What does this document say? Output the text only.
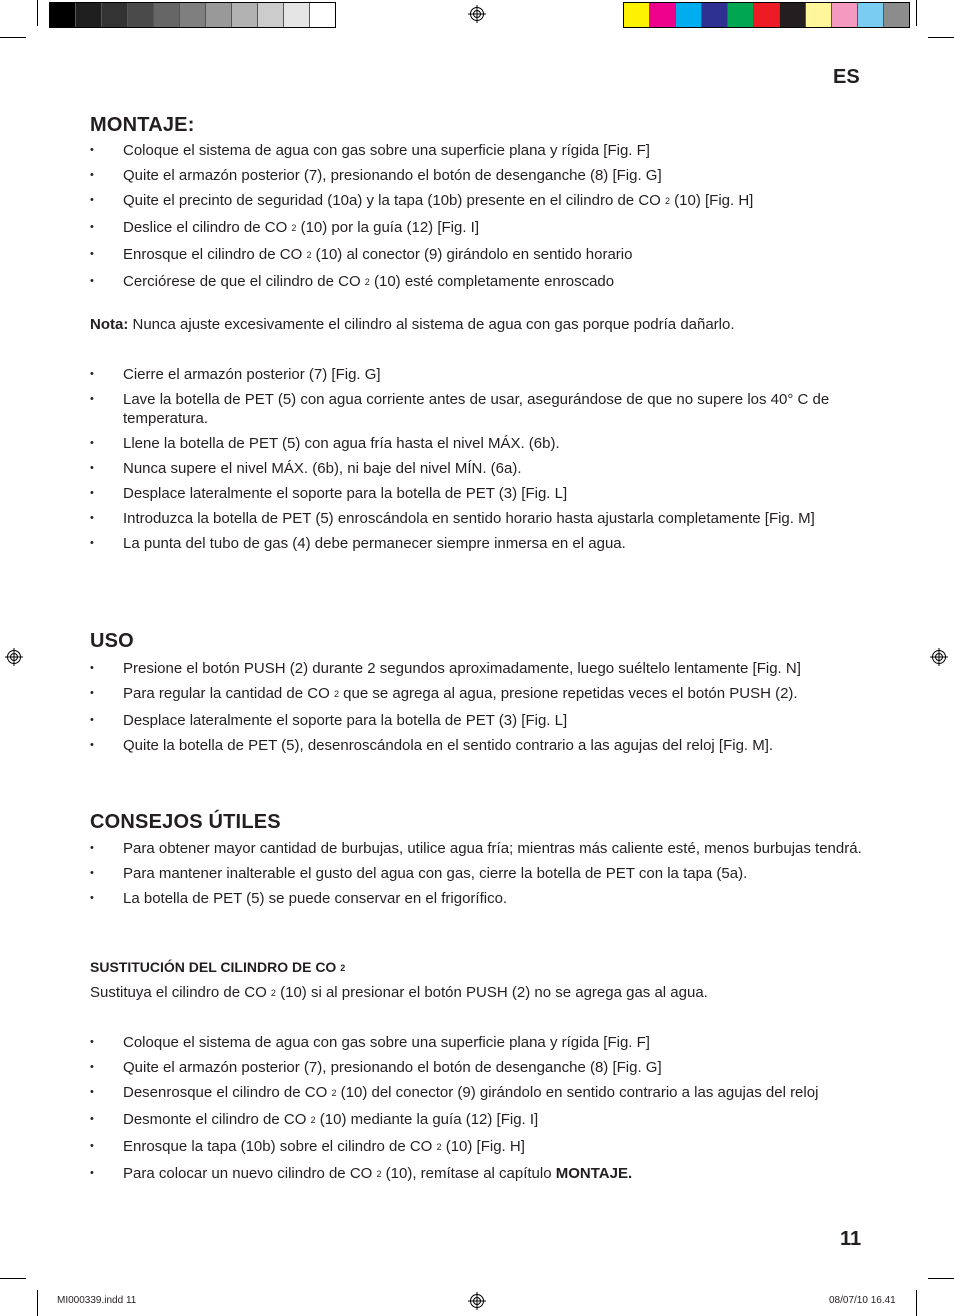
ES
MONTAJE:
• Coloque el sistema de agua con gas sobre una superficie plana y rígida [Fig. F]
• Quite el armazón posterior (7), presionando el botón de desenganche (8) [Fig. G]
• Quite el precinto de seguridad (10a) y la tapa (10b) presente en el cilindro de CO $_2$ (10) [Fig. H]
• Deslice el cilindro de CO $_2$ (10) por la guía (12) [Fig. I]
• Enrosque el cilindro de CO $_2$ (10) al conector (9) girándolo en sentido horario
• Cerciórese de que el cilindro de CO $_2$ (10) esté completamente enroscado

Nota: Nunca ajuste excesivamente el cilindro al sistema de agua con gas porque podría dañarlo.

• Cierre el armazón posterior (7) [Fig. G]
• Lave la botella de PET (5) con agua corriente antes de usar, asegurándose de que no supere los 40° C de temperatura.
• Llene la botella de PET (5) con agua fría hasta el nivel MÁX. (6b).
• Nunca supere el nivel MÁX. (6b), ni baje del nivel MÍN. (6a).
• Desplace lateralmente el soporte para la botella de PET (3) [Fig. L]
• Introduzca la botella de PET (5) enroscándola en sentido horario hasta ajustarla completamente [Fig. M]
• La punta del tubo de gas (4) debe permanecer siempre inmersa en el agua.
USO
• Presione el botón PUSH (2) durante 2 segundos aproximadamente, luego suéltelo lentamente [Fig. N]
• Para regular la cantidad de CO $_2$ que se agrega al agua, presione repetidas veces el botón PUSH (2).
• Desplace lateralmente el soporte para la botella de PET (3) [Fig. L]
• Quite la botella de PET (5), desenroscándola en el sentido contrario a las agujas del reloj [Fig. M].
CONSEJOS ÚTILES
• Para obtener mayor cantidad de burbujas, utilice agua fría; mientras más caliente esté, menos burbujas tendrá.
• Para mantener inalterable el gusto del agua con gas, cierre la botella de PET con la tapa (5a).
• La botella de PET (5) se puede conservar en el frigorífico.
SUSTITUCIÓN DEL CILINDRO DE CO $_2$

Sustituya el cilindro de CO $_2$ (10) si al presionar el botón PUSH (2) no se agrega gas al agua.

• Coloque el sistema de agua con gas sobre una superficie plana y rígida [Fig. F]
• Quite el armazón posterior (7), presionando el botón de desenganche (8) [Fig. G]
• Desenrosque el cilindro de CO $_2$ (10) del conector (9) girándolo en sentido contrario a las agujas del reloj
• Desmonte el cilindro de CO $_2$ (10) mediante la guía (12) [Fig. I]
• Enrosque la tapa (10b) sobre el cilindro de CO $_2$ (10) [Fig. H]
• Para colocar un nuevo cilindro de CO $_2$ (10), remítase al capítulo MONTAJE.
11
MI000339.indd 11	08/07/10 16.41
